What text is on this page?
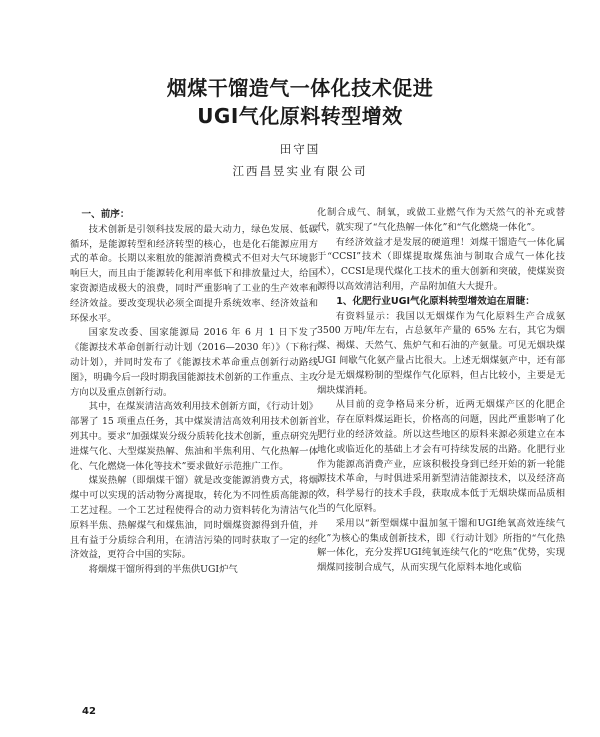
烟煤干馏造气一体化技术促进
UGI气化原料转型增效
田守国
江西昌昱实业有限公司
一、前序：

技术创新是引领科技发展的最大动力，绿色发展、低碳循环，是能源转型和经济转型的核心，也是化石能源应用方式的革命。长期以来粗放的能源消费模式不但对大气环境影响巨大，而且由于能源转化利用率低下和排放量过大，给国家资源造成极大的浪费，同时严重影响了工业的生产效率和经济效益。要改变现状必须全面提升系统效率、经济效益和环保水平。

国家发改委、国家能源局 2016 年 6 月 1 日下发了《能源技术革命创新行动计划（2016—2030 年）》（下称行动计划），并同时发布了《能源技术革命重点创新行动路线图》，明确今后一段时期我国能源技术创新的工作重点、主攻方向以及重点创新行动。

其中，在煤炭清洁高效利用技术创新方面，《行动计划》部署了 15 项重点任务，其中煤炭清洁高效利用技术创新首列其中。要求“加强煤炭分级分质转化技术创新，重点研究先进煤气化、大型煤炭热解、焦油和半焦利用、气化热解一体化、气化燃烧一体化等技术”要求做好示范推广工作。

煤炭热解（即烟煤干馏）就是改变能源消费方式，将烟煤中可以实现的活动物分离提取，转化为不同性质高能源的工艺过程。一个工艺过程使得合的动力资料转化为清洁气化原料半焦、热解煤气和煤焦油，同时烟煤资源得到升值，并且有益于分质综合利用，在清洁污染的同时获取了一定的经济效益，更符合中国的实际。

将烟煤干馏所得到的半焦供UGI炉气

化制合成气、制氧，或做工业燃气作为天然气的补充或替代，就实现了“气化热解一体化”和“气化燃烧一体化”。

有经济效益才是发展的硬道理！刘煤干馏造气一体化属于“CCSI”技术（即煤提取煤焦油与制取合成气一体化技术），CCSI是现代煤化工技术的重大创新和突破，使煤炭资源得以高效清洁利用，产品附加值大大提升。

1、化肥行业UGI气化原料转型增效迫在眉睫：

有资料显示：我国以无烟煤作为气化原料生产合成氨 3500 万吨/年左右，占总氨年产量的 65% 左右，其它为烟煤、褐煤、天然气、焦炉气和石油的产氨量。可见无烟块煤 UGI 间歇气化氨产量占比很大。上述无烟煤氨产中，还有部分是无烟煤粉制的型煤作气化原料，但占比较小，主要是无烟块煤消耗。

从目前的竞争格局来分析，近两无烟煤产区的化肥企业，存在原料煤运距长，价格高的问题，因此严重影响了化肥行业的经济效益。所以这些地区的原料来源必须建立在本地化或临近化的基础上才会有可持续发展的出路。化肥行业作为能源高消费产业，应该积极投身到已经开始的新一轮能源技术革命，与时俱进采用新型清洁能源技术，以及经济高效，科学易行的技术手段，获取成本低于无烟块煤而品质相当的气化原料。

采用以“新型烟煤中温加氢干馏和UGI绝氧高效连续气化”为核心的集成创新技术，即《行动计划》所指的“气化热解一体化，充分发挥UGI纯氧连续气化的“吃焦”优势，实现烟煤同接制合成气，从而实现气化原料本地化或临

42
